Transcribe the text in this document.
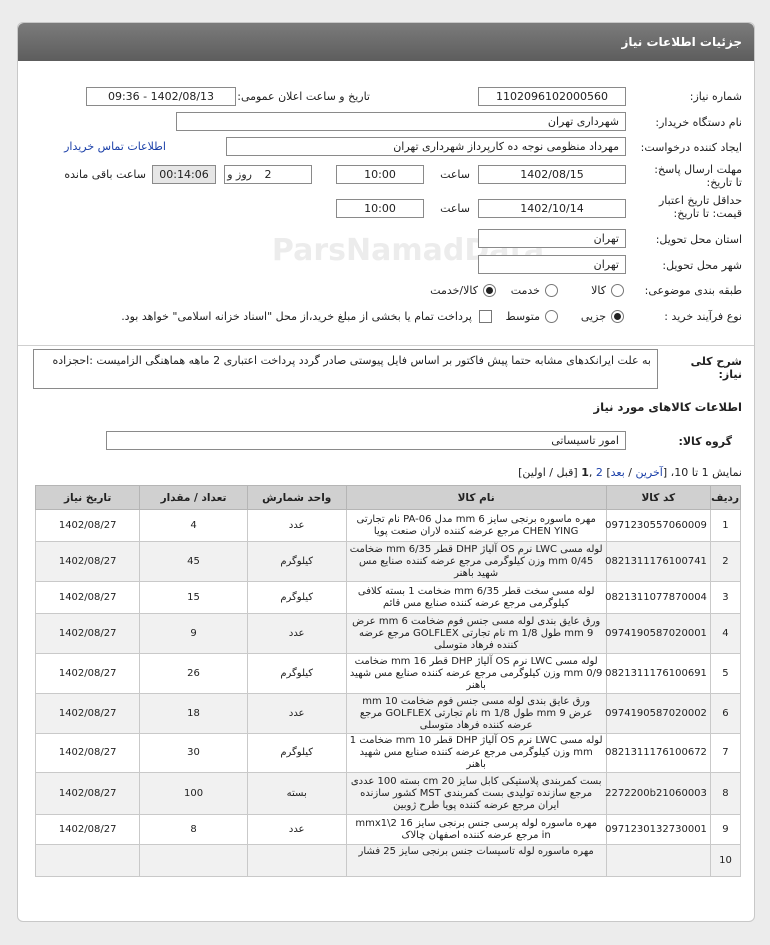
جزئیات اطلاعات نیاز
ParsNamadData
شماره نیاز:
1102096102000560
تاریخ و ساعت اعلان عمومی:
1402/08/13 - 09:36
نام دستگاه خریدار:
شهرداری تهران
ایجاد کننده درخواست:
مهرداد منظومی نوجه ده کارپرداز شهرداری تهران
اطلاعات تماس خریدار
مهلت ارسال پاسخ: تا تاریخ:
1402/08/15
ساعت
10:00
2
روز و
00:14:06
ساعت باقی مانده
حداقل تاریخ اعتبار قیمت: تا تاریخ:
1402/10/14
ساعت
10:00
استان محل تحویل:
تهران
شهر محل تحویل:
تهران
طبقه بندی موضوعی:
کالا
خدمت
کالا/خدمت
نوع فرآیند خرید :
جزیی
متوسط
پرداخت تمام یا بخشی از مبلغ خرید،از محل "اسناد خزانه اسلامی" خواهد بود.
شرح کلی نیاز:
به علت ایرانکدهای مشابه حتما پیش فاکتور بر اساس فایل پیوستی صادر گردد پرداخت اعتباری 2 ماهه هماهنگی الزامیست :احجزاده
اطلاعات کالاهای مورد نیاز
گروه کالا:
امور تاسیساتی
نمایش 1 تا 10، [آخرین / بعد] 2 ,1 [قبل / اولین]
ردیف	کد کالا	نام کالا	واحد شمارش	تعداد / مقدار	تاریخ نیاز
1	0971230557060009	مهره ماسوره برنجی سایز 6 mm مدل PA-06 نام تجارتی CHEN YING مرجع عرضه کننده لاران صنعت پویا	عدد	4	1402/08/27
2	0821311176100741	لوله مسی LWC نرم OS آلیاژ DHP قطر 6/35 mm ضخامت 0/45 mm وزن کیلوگرمی مرجع عرضه کننده صنایع مس شهید باهنر	کیلوگرم	45	1402/08/27
3	0821311077870004	لوله مسی سخت قطر 6/35 mm ضخامت 1 بسته کلافی کیلوگرمی مرجع عرضه کننده صنایع مس قائم	کیلوگرم	15	1402/08/27
4	0974190587020001	ورق عایق بندی لوله مسی جنس فوم ضخامت 6 mm عرض 9 mm طول 1/8 m نام تجارتی GOLFLEX مرجع عرضه کننده فرهاد متوسلی	عدد	9	1402/08/27
5	0821311176100691	لوله مسی LWC نرم OS آلیاژ DHP قطر 16 mm ضخامت 0/9 mm وزن کیلوگرمی مرجع عرضه کننده صنایع مس شهید باهنر	کیلوگرم	26	1402/08/27
6	0974190587020002	ورق عایق بندی لوله مسی جنس فوم ضخامت 10 mm عرض 9 mm طول 1/8 m نام تجارتی GOLFLEX مرجع عرضه کننده فرهاد متوسلی	عدد	18	1402/08/27
7	0821311176100672	لوله مسی LWC نرم OS آلیاژ DHP قطر 10 mm ضخامت 1 mm وزن کیلوگرمی مرجع عرضه کننده صنایع مس شهید باهنر	کیلوگرم	30	1402/08/27
8	2272200b21060003	بست کمربندی پلاستیکی کابل سایز 20 cm بسته 100 عددی مرجع سازنده تولیدی بست کمربندی MST کشور سازنده ایران مرجع عرضه کننده پویا طرح ژوبین	بسته	100	1402/08/27
9	0971230132730001	مهره ماسوره لوله پرسی جنس برنجی سایز 16 mmx1\2 in مرجع عرضه کننده اصفهان چالاک	عدد	8	1402/08/27
10		مهره ماسوره لوله تاسیسات جنس برنجی سایز 25 فشار			
